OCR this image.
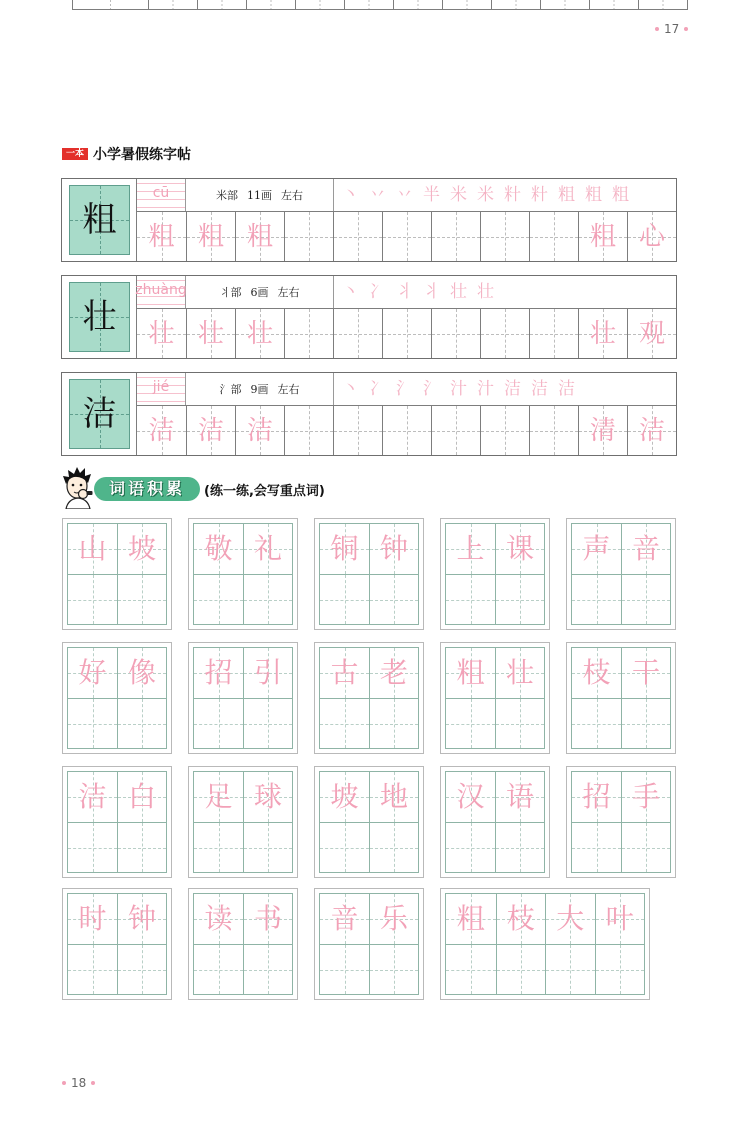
17
一本 小学暑假练字帖
粗
cū	米部 11画 左右 丶 丷 丷 半 米 米 籵 籵 粗 粗 粗
粗 粗 粗	粗 心
壮
zhuàng	丬部 6画 左右	丶 冫 丬 丬 壮 壮
壮 壮 壮	壮 观
洁
jié	氵部 9画 左右	丶 冫 氵 氵 汁 汁 洁 洁 洁
洁 洁 洁	清 洁
词语积累	(练一练,会写重点词)
山 坡 敬 礼 铜 钟 上 课 声 音
好 像 招 引 古 老 粗 壮 枝 干
洁 白 足 球 坡 地 汉 语 招 手
时 钟 读 书 音 乐 粗 枝 大 叶
18
